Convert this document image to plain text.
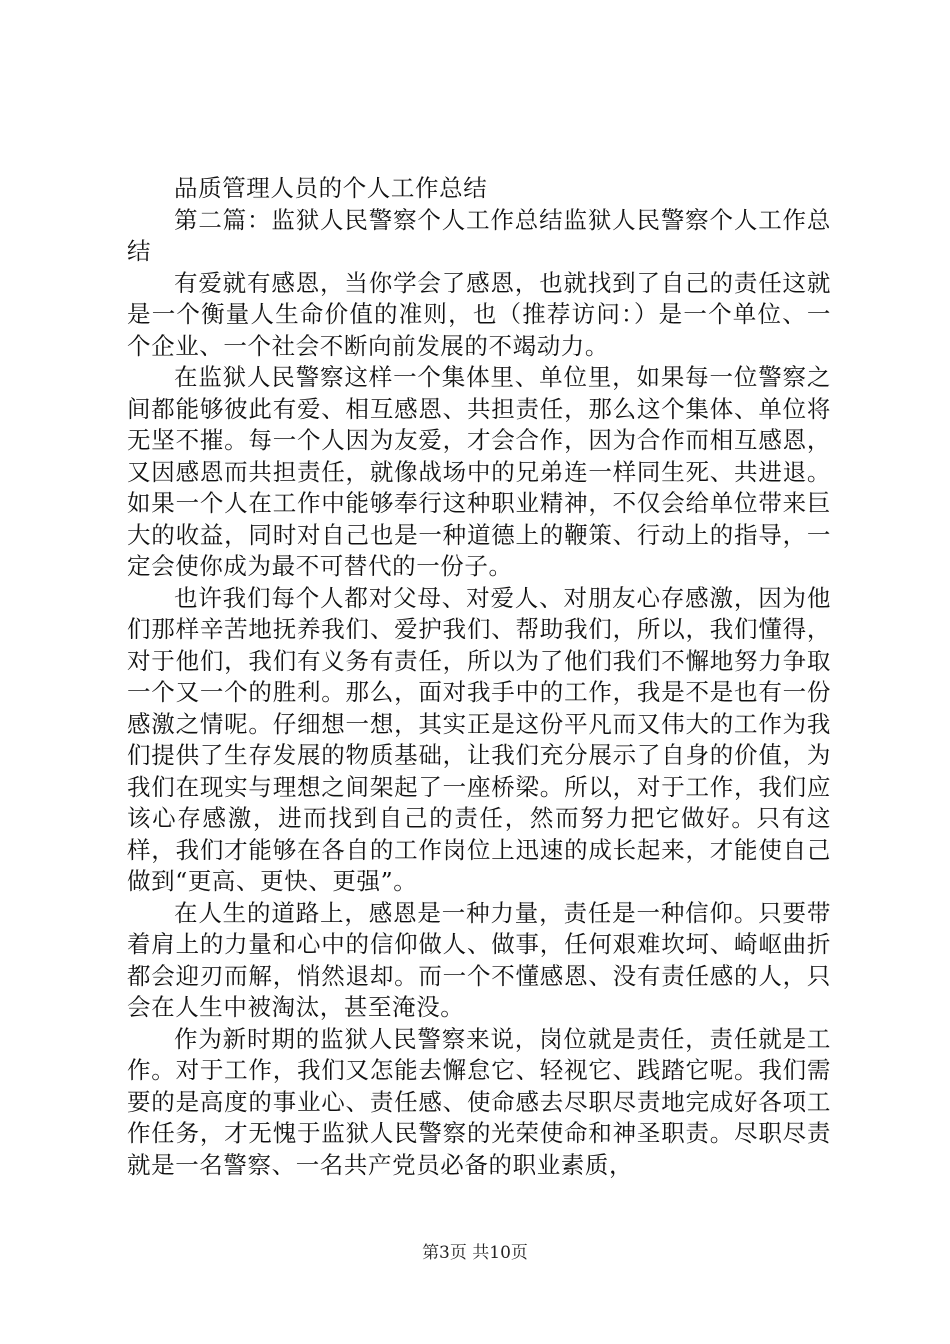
品质管理人员的个人工作总结

第二篇：监狱人民警察个人工作总结监狱人民警察个人工作总结

有爱就有感恩，当你学会了感恩，也就找到了自己的责任这就是一个衡量人生命价值的准则，也（推荐访问：）是一个单位、一个企业、一个社会不断向前发展的不竭动力。

在监狱人民警察这样一个集体里、单位里，如果每一位警察之间都能够彼此有爱、相互感恩、共担责任，那么这个集体、单位将无坚不摧。每一个人因为友爱，才会合作，因为合作而相互感恩，又因感恩而共担责任，就像战场中的兄弟连一样同生死、共进退。如果一个人在工作中能够奉行这种职业精神，不仅会给单位带来巨大的收益，同时对自己也是一种道德上的鞭策、行动上的指导，一定会使你成为最不可替代的一份子。

也许我们每个人都对父母、对爱人、对朋友心存感激，因为他们那样辛苦地抚养我们、爱护我们、帮助我们，所以，我们懂得，对于他们，我们有义务有责任，所以为了他们我们不懈地努力争取一个又一个的胜利。那么，面对我手中的工作，我是不是也有一份感激之情呢。仔细想一想，其实正是这份平凡而又伟大的工作为我们提供了生存发展的物质基础，让我们充分展示了自身的价值，为我们在现实与理想之间架起了一座桥梁。所以，对于工作，我们应该心存感激，进而找到自己的责任，然而努力把它做好。只有这样，我们才能够在各自的工作岗位上迅速的成长起来，才能使自己做到“更高、更快、更强”。

在人生的道路上，感恩是一种力量，责任是一种信仰。只要带着肩上的力量和心中的信仰做人、做事，任何艰难坎坷、崎岖曲折都会迎刃而解，悄然退却。而一个不懂感恩、没有责任感的人，只会在人生中被淘汰，甚至淹没。

作为新时期的监狱人民警察来说，岗位就是责任，责任就是工作。对于工作，我们又怎能去懈怠它、轻视它、践踏它呢。我们需要的是高度的事业心、责任感、使命感去尽职尽责地完成好各项工作任务，才无愧于监狱人民警察的光荣使命和神圣职责。尽职尽责就是一名警察、一名共产党员必备的职业素质，

第3页 共10页
